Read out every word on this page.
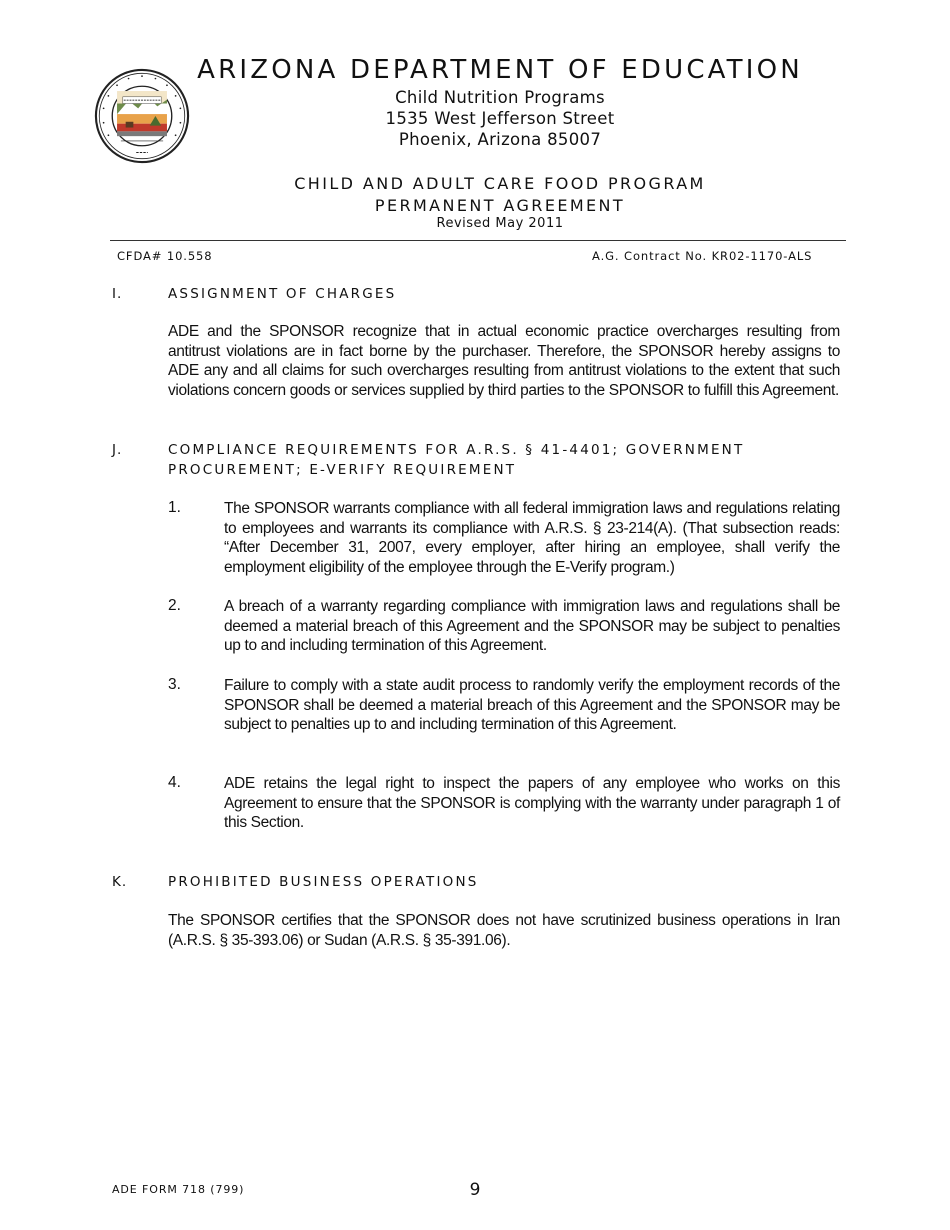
ARIZONA DEPARTMENT OF EDUCATION
Child Nutrition Programs
1535 West Jefferson Street
Phoenix, Arizona 85007
CHILD AND ADULT CARE FOOD PROGRAM
PERMANENT AGREEMENT
Revised May 2011
CFDA# 10.558	A.G. Contract No. KR02-1170-ALS
I.	ASSIGNMENT OF CHARGES
ADE and the SPONSOR recognize that in actual economic practice overcharges resulting from antitrust violations are in fact borne by the purchaser. Therefore, the SPONSOR hereby assigns to ADE any and all claims for such overcharges resulting from antitrust violations to the extent that such violations concern goods or services supplied by third parties to the SPONSOR to fulfill this Agreement.
J.	COMPLIANCE REQUIREMENTS FOR A.R.S. § 41-4401; GOVERNMENT
PROCUREMENT; E-VERIFY REQUIREMENT
1.	The SPONSOR warrants compliance with all federal immigration laws and regulations relating to employees and warrants its compliance with A.R.S. § 23-214(A). (That subsection reads: “After December 31, 2007, every employer, after hiring an employee, shall verify the employment eligibility of the employee through the E-Verify program.)
2.	A breach of a warranty regarding compliance with immigration laws and regulations shall be deemed a material breach of this Agreement and the SPONSOR may be subject to penalties up to and including termination of this Agreement.
3.	Failure to comply with a state audit process to randomly verify the employment records of the SPONSOR shall be deemed a material breach of this Agreement and the SPONSOR may be subject to penalties up to and including termination of this Agreement.
4.	ADE retains the legal right to inspect the papers of any employee who works on this Agreement to ensure that the SPONSOR is complying with the warranty under paragraph 1 of this Section.
K.	PROHIBITED BUSINESS OPERATIONS
The SPONSOR certifies that the SPONSOR does not have scrutinized business operations in Iran (A.R.S. § 35-393.06) or Sudan (A.R.S. § 35-391.06).
ADE FORM 718 (799)	9
